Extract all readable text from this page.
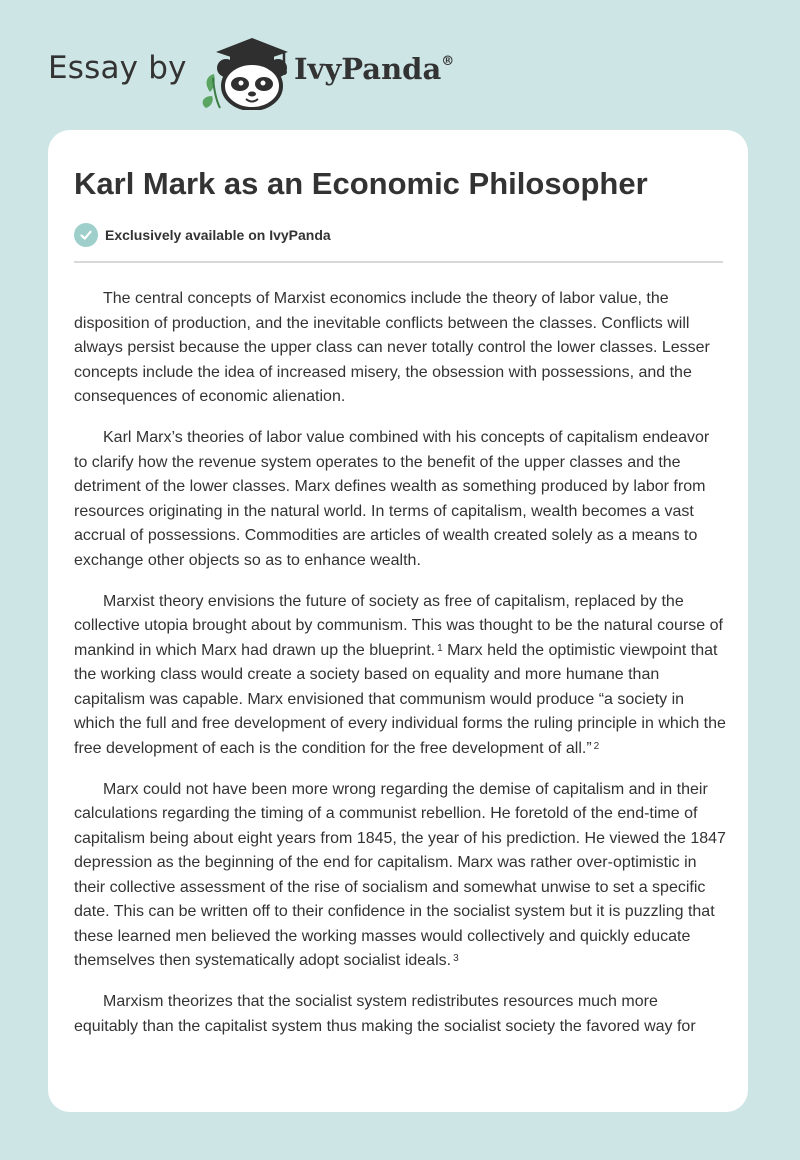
Essay by	IvyPanda®
Karl Mark as an Economic Philosopher
Exclusively available on IvyPanda

The central concepts of Marxist economics include the theory of labor value, the disposition of production, and the inevitable conflicts between the classes. Conflicts will always persist because the upper class can never totally control the lower classes. Lesser concepts include the idea of increased misery, the obsession with possessions, and the consequences of economic alienation.

Karl Marx’s theories of labor value combined with his concepts of capitalism endeavor to clarify how the revenue system operates to the benefit of the upper classes and the detriment of the lower classes. Marx defines wealth as something produced by labor from resources originating in the natural world. In terms of capitalism, wealth becomes a vast accrual of possessions. Commodities are articles of wealth created solely as a means to exchange other objects so as to enhance wealth.

Marxist theory envisions the future of society as free of capitalism, replaced by the collective utopia brought about by communism. This was thought to be the natural course of mankind in which Marx had drawn up the blueprint. $^1$ Marx held the optimistic viewpoint that the working class would create a society based on equality and more humane than capitalism was capable. Marx envisioned that communism would produce “a society in which the full and free development of every individual forms the ruling principle in which the free development of each is the condition for the free development of all.” $^2$

Marx could not have been more wrong regarding the demise of capitalism and in their calculations regarding the timing of a communist rebellion. He foretold of the end-time of capitalism being about eight years from 1845, the year of his prediction. He viewed the 1847 depression as the beginning of the end for capitalism. Marx was rather over-optimistic in their collective assessment of the rise of socialism and somewhat unwise to set a specific date. This can be written off to their confidence in the socialist system but it is puzzling that these learned men believed the working masses would collectively and quickly educate themselves then systematically adopt socialist ideals. $^3$

Marxism theorizes that the socialist system redistributes resources much more equitably than the capitalist system thus making the socialist society the favored way for
